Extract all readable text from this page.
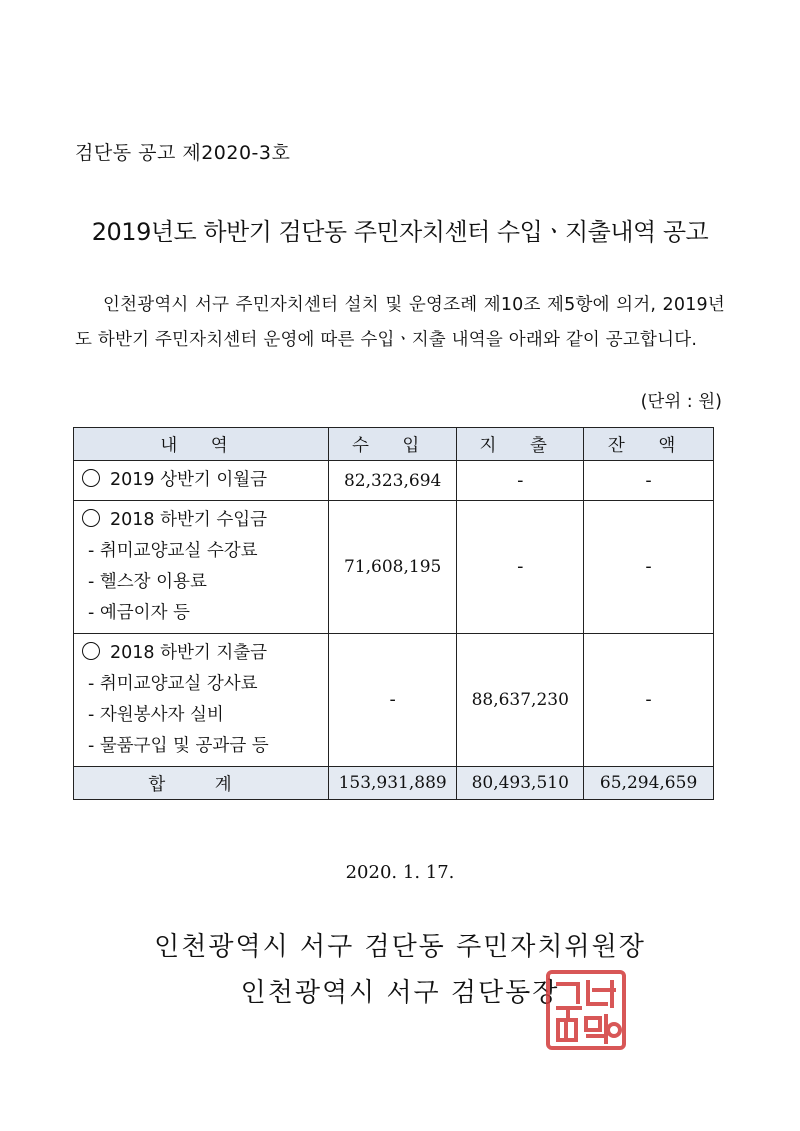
검단동 공고 제2020-3호
2019년도 하반기 검단동 주민자치센터 수입ㆍ지출내역 공고

인천광역시 서구 주민자치센터 설치 및 운영조례 제10조 제5항에 의거, 2019년도 하반기 주민자치센터 운영에 따른 수입ㆍ지출 내역을 아래와 같이 공고합니다.

(단위 : 원)
내 역	수 입	지 출	잔 액

2019 상반기 이월금	82,323,694	-	-

2018 하반기 수입금
- 취미교양교실 수강료
- 헬스장 이용료
- 예금이자 등	71,608,195	-	-

2018 하반기 지출금
- 취미교양교실 강사료
- 자원봉사자 실비
- 물품구입 및 공과금 등	-	88,637,230	-
합 계	153,931,889	80,493,510	65,294,659
2020. 1. 17.
인천광역시 서구 검단동 주민자치위원장
인천광역시 서구 검단동장
